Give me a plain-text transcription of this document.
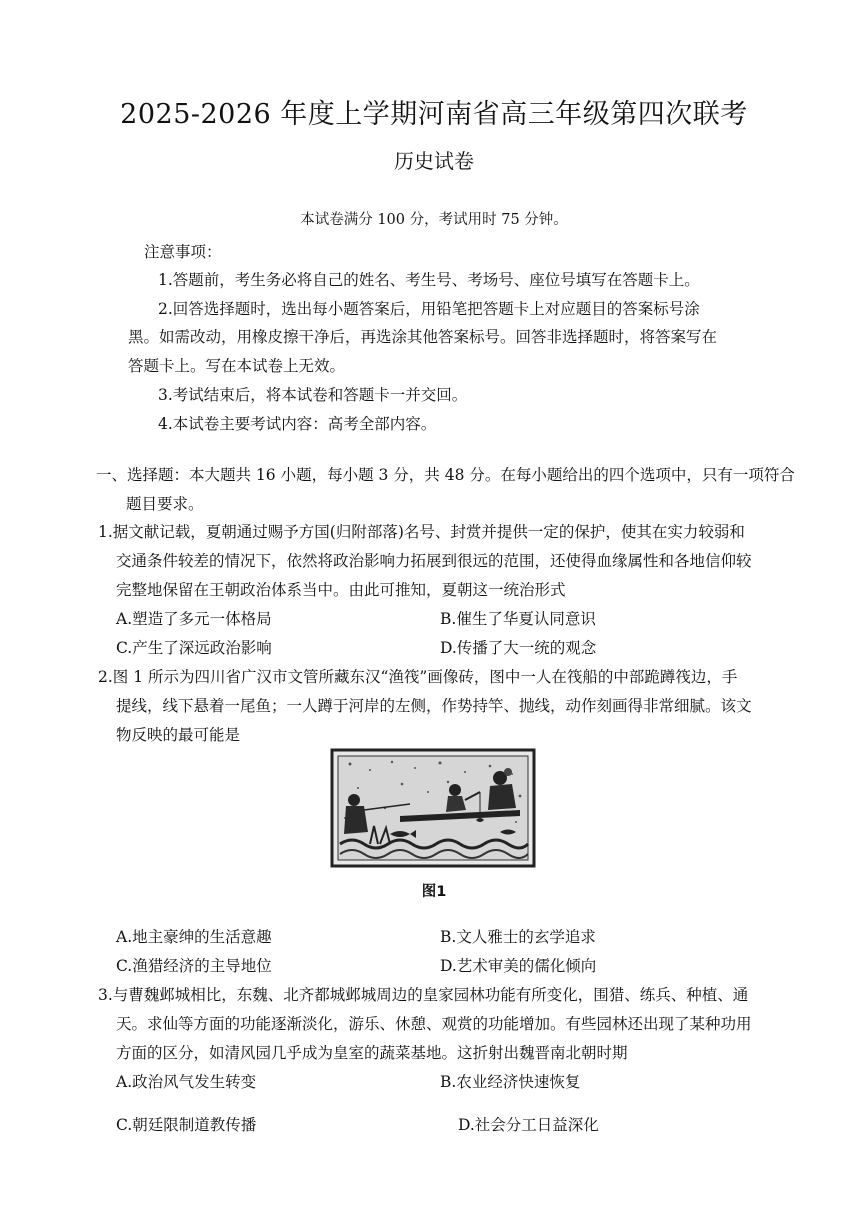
2025-2026 年度上学期河南省高三年级第四次联考
历史试卷
本试卷满分 100 分，考试用时 75 分钟。
注意事项：
1.答题前，考生务必将自己的姓名、考生号、考场号、座位号填写在答题卡上。
2.回答选择题时，选出每小题答案后，用铅笔把答题卡上对应题目的答案标号涂
黑。如需改动，用橡皮擦干净后，再选涂其他答案标号。回答非选择题时，将答案写在
答题卡上。写在本试卷上无效。
3.考试结束后，将本试卷和答题卡一并交回。
4.本试卷主要考试内容：高考全部内容。
一、选择题：本大题共 16 小题，每小题 3 分，共 48 分。在每小题给出的四个选项中，只有一项符合
题目要求。
1.据文献记载，夏朝通过赐予方国(归附部落)名号、封赏并提供一定的保护，使其在实力较弱和
交通条件较差的情况下，依然将政治影响力拓展到很远的范围，还使得血缘属性和各地信仰较
完整地保留在王朝政治体系当中。由此可推知，夏朝这一统治形式
A.塑造了多元一体格局	B.催生了华夏认同意识
C.产生了深远政治影响	D.传播了大一统的观念
2.图 1 所示为四川省广汉市文管所藏东汉“渔筏”画像砖，图中一人在筏船的中部跪蹲筏边，手
提线，线下悬着一尾鱼；一人蹲于河岸的左侧，作势持竿、抛线，动作刻画得非常细腻。该文
物反映的最可能是
图1
A.地主豪绅的生活意趣	B.文人雅士的玄学追求
C.渔猎经济的主导地位	D.艺术审美的儒化倾向
3.与曹魏邺城相比，东魏、北齐都城邺城周边的皇家园林功能有所变化，围猎、练兵、种植、通
天。求仙等方面的功能逐渐淡化，游乐、休憩、观赏的功能增加。有些园林还出现了某种功用
方面的区分，如清风园几乎成为皇室的蔬菜基地。这折射出魏晋南北朝时期
A.政治风气发生转变	B.农业经济快速恢复
C.朝廷限制道教传播	D.社会分工日益深化
